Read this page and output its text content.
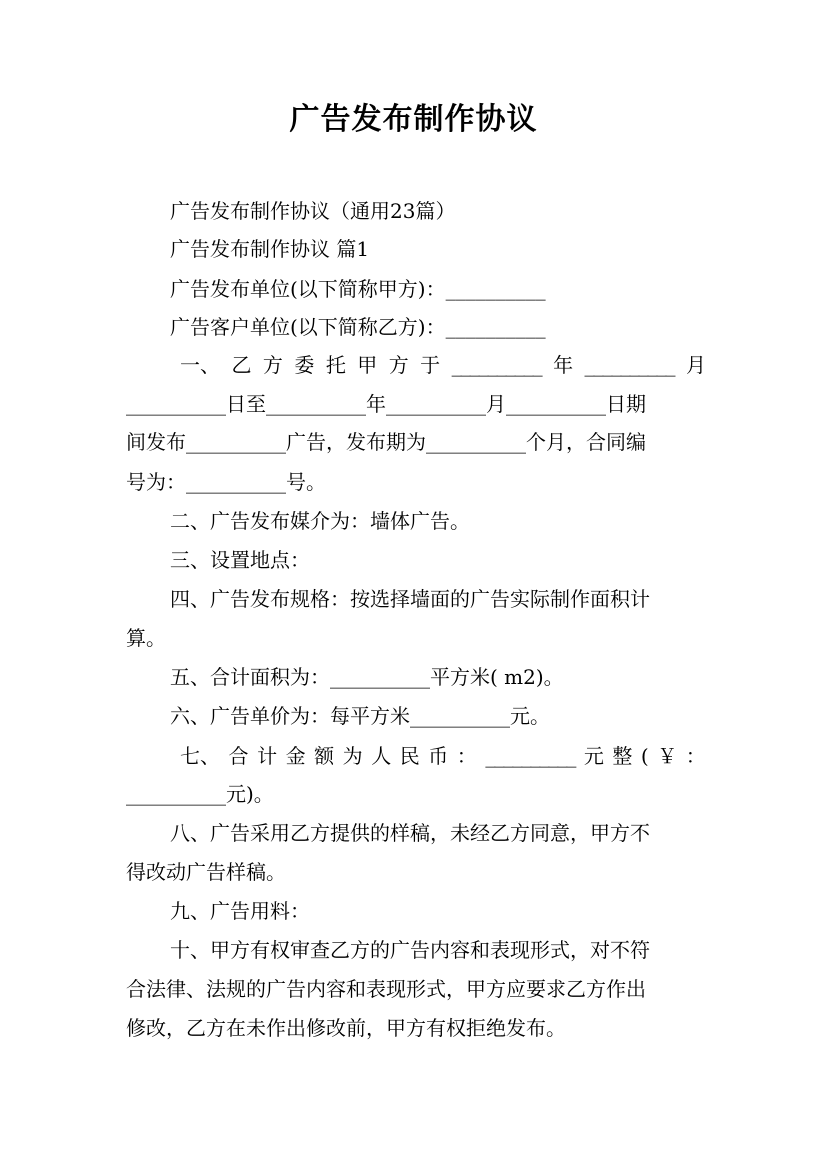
广告发布制作协议
广告发布制作协议（通用23篇）
广告发布制作协议 篇1
广告发布单位(以下简称甲方)：__________
广告客户单位(以下简称乙方)：__________
一、 乙 方 委 托 甲 方 于 __________ 年 __________ 月
__________日至__________年__________月__________日期
间发布__________广告，发布期为__________个月，合同编
号为：__________号。
二、广告发布媒介为：墙体广告。
三、设置地点：
四、广告发布规格：按选择墙面的广告实际制作面积计
算。
五、合计面积为：__________平方米( m2)。
六、广告单价为：每平方米__________元。
七、 合 计 金 额 为 人 民 币 ： __________ 元 整 ( ￥ ：
__________元)。
八、广告采用乙方提供的样稿，未经乙方同意，甲方不
得改动广告样稿。
九、广告用料：
十、甲方有权审查乙方的广告内容和表现形式，对不符
合法律、法规的广告内容和表现形式，甲方应要求乙方作出
修改，乙方在未作出修改前，甲方有权拒绝发布。
